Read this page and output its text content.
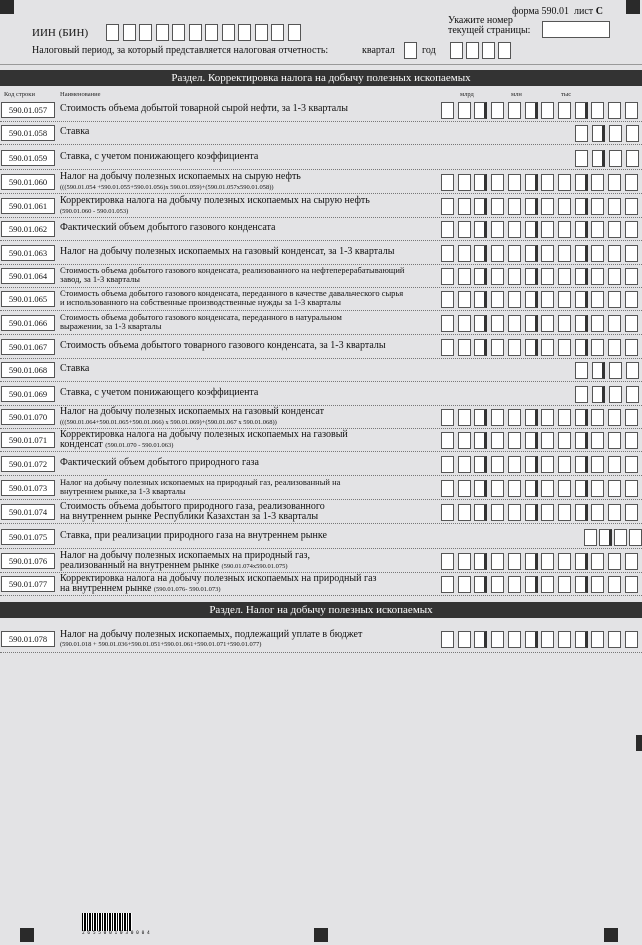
форма 590.01 лист С
ИИН (БИН)
Укажите номер
текущей страницы:
Налоговый период, за который представляется налоговая отчетность:	квартал	год
Раздел. Корректировка налога на добычу полезных ископаемых
Код строки	Наименование	млрд	млн	тыс
590.01.057	Стоимость объема добытой товарной сырой нефти, за 1-3 кварталы
590.01.058	Ставка
590.01.059	Ставка, с учетом понижающего коэффициента
590.01.060	Налог на добычу полезных ископаемых на сырую нефть
(((590.01.054 +590.01.055+590.01.056)x 590.01.059)+(590.01.057x590.01.058))
590.01.061	Корректировка налога на добычу полезных ископаемых на сырую нефть
(590.01.060 - 590.01.053)
590.01.062	Фактический объем добытого газового конденсата
590.01.063	Налог на добычу полезных ископаемых на газовый конденсат, за 1-3 кварталы
590.01.064
Стоимость объема добытого газового конденсата, реализованного на нефтеперерабатывающий
завод, за 1-3 кварталы
590.01.065
Стоимость объема добытого газового конденсата, переданного в качестве давальческого сырья
и использованного на собственные производственные нужды за 1-3 кварталы
590.01.066
Стоимость объема добытого газового конденсата, переданного в натуральном
выражении, за 1-3 кварталы
590.01.067	Стоимость объема добытого товарного газового конденсата, за 1-3 кварталы
590.01.068	Ставка
590.01.069	Ставка, с учетом понижающего коэффициента
590.01.070	Налог на добычу полезных ископаемых на газовый конденсат
(((590.01.064+590.01.065+590.01.066) x 590.01.069)+(590.01.067 x 590.01.068))
590.01.071	Корректировка налога на добычу полезных ископаемых на газовый
конденсат (590.01.070 - 590.01.063)
590.01.072	Фактический объем добытого природного газа
590.01.073
Налог на добычу полезных ископаемых на природный газ, реализованный на
внутреннем рынке,за 1-3 кварталы
590.01.074	Стоимость объема добытого природного газа, реализованного
на внутреннем рынке Республики Казахстан за 1-3 кварталы
590.01.075	Ставка, при реализации природного газа на внутреннем рынке
590.01.076	Налог на добычу полезных ископаемых на природный газ,
реализованный на внутреннем рынке (590.01.074x590.01.075)
590.01.077	Корректировка налога на добычу полезных ископаемых на природный газ
на внутреннем рынке (590.01.076- 590.01.073)
Раздел. Налог на добычу полезных ископаемых
590.01.078	Налог на добычу полезных ископаемых, подлежащий уплате в бюджет
(590.01.018 + 590.01.036+590.01.051+590.01.061+590.01.071+590.01.077)
2 6 5 5 0 0 1 0 3 0 0 0 4
